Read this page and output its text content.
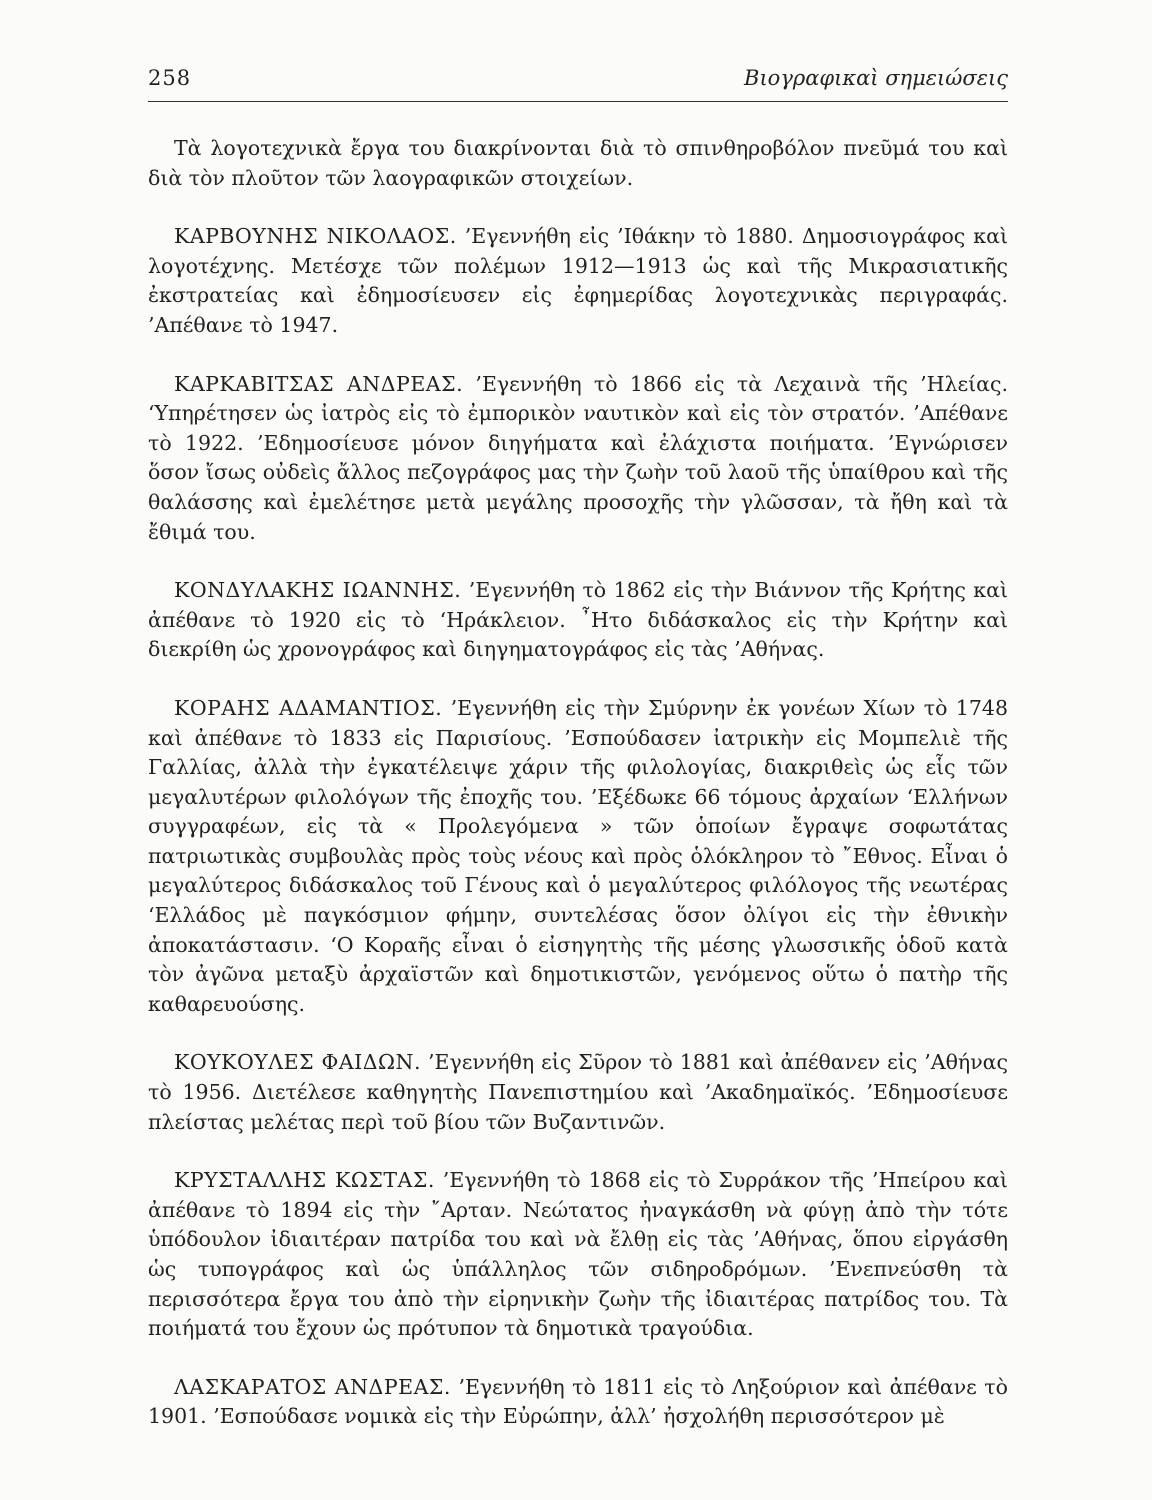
258	Βιογραφικαὶ σημειώσεις

Τὰ λογοτεχνικὰ ἔργα του διακρίνονται διὰ τὸ σπινθηροβόλον πνεῦμά του καὶ διὰ τὸν πλοῦτον τῶν λαογραφικῶν στοιχείων.

ΚΑΡΒΟΥΝΗΣ ΝΙΚΟΛΑΟΣ. ’Εγεννήθη εἰς ’Ιθάκην τὸ 1880. Δημοσιογράφος καὶ λογοτέχνης. Μετέσχε τῶν πολέμων 1912—1913 ὡς καὶ τῆς Μικρασιατικῆς ἐκστρατείας καὶ ἐδημοσίευσεν εἰς ἐφημερίδας λογοτεχνικὰς περιγραφάς. ’Απέθανε τὸ 1947.

ΚΑΡΚΑΒΙΤΣΑΣ ΑΝΔΡΕΑΣ. ’Εγεννήθη τὸ 1866 εἰς τὰ Λεχαινὰ τῆς ’Ηλείας. ‘Υπηρέτησεν ὡς ἰατρὸς εἰς τὸ ἐμπορικὸν ναυτικὸν καὶ εἰς τὸν στρατόν. ’Απέθανε τὸ 1922. ’Εδημοσίευσε μόνον διηγήματα καὶ ἐλάχιστα ποιήματα. ’Εγνώρισεν ὅσον ἴσως οὐδεὶς ἄλλος πεζογράφος μας τὴν ζωὴν τοῦ λαοῦ τῆς ὑπαίθρου καὶ τῆς θαλάσσης καὶ ἐμελέτησε μετὰ μεγάλης προσοχῆς τὴν γλῶσσαν, τὰ ἤθη καὶ τὰ ἔθιμά του.

ΚΟΝΔΥΛΑΚΗΣ ΙΩΑΝΝΗΣ. ’Εγεννήθη τὸ 1862 εἰς τὴν Βιάννον τῆς Κρήτης καὶ ἀπέθανε τὸ 1920 εἰς τὸ ‘Ηράκλειον. ῏Ητο διδάσκαλος εἰς τὴν Κρήτην καὶ διεκρίθη ὡς χρονογράφος καὶ διηγηματογράφος εἰς τὰς ’Αθήνας.

ΚΟΡΑΗΣ ΑΔΑΜΑΝΤΙΟΣ. ’Εγεννήθη εἰς τὴν Σμύρνην ἐκ γονέων Χίων τὸ 1748 καὶ ἀπέθανε τὸ 1833 εἰς Παρισίους. ’Εσπούδασεν ἰατρικὴν εἰς Μομπελιὲ τῆς Γαλλίας, ἀλλὰ τὴν ἐγκατέλειψε χάριν τῆς φιλολογίας, διακριθεὶς ὡς εἷς τῶν μεγαλυτέρων φιλολόγων τῆς ἐποχῆς του. ’Εξέδωκε 66 τόμους ἀρχαίων ‘Ελλήνων συγγραφέων, εἰς τὰ « Προλεγόμενα » τῶν ὁποίων ἔγραψε σοφωτάτας πατριωτικὰς συμβουλὰς πρὸς τοὺς νέους καὶ πρὸς ὁλόκληρον τὸ ῎Εθνος. Εἶναι ὁ μεγαλύτερος διδάσκαλος τοῦ Γένους καὶ ὁ μεγαλύτερος φιλόλογος τῆς νεωτέρας ‘Ελλάδος μὲ παγκόσμιον φήμην, συντελέσας ὅσον ὀλίγοι εἰς τὴν ἐθνικὴν ἀποκατάστασιν. ‘Ο Κοραῆς εἶναι ὁ εἰσηγητὴς τῆς μέσης γλωσσικῆς ὁδοῦ κατὰ τὸν ἀγῶνα μεταξὺ ἀρχαϊστῶν καὶ δημοτικιστῶν, γενόμενος οὕτω ὁ πατὴρ τῆς καθαρευούσης.

ΚΟΥΚΟΥΛΕΣ ΦΑΙΔΩΝ. ’Εγεννήθη εἰς Σῦρον τὸ 1881 καὶ ἀπέθανεν εἰς ’Αθήνας τὸ 1956. Διετέλεσε καθηγητὴς Πανεπιστημίου καὶ ’Ακαδημαϊκός. ’Εδημοσίευσε πλείστας μελέτας περὶ τοῦ βίου τῶν Βυζαντινῶν.

ΚΡΥΣΤΑΛΛΗΣ ΚΩΣΤΑΣ. ’Εγεννήθη τὸ 1868 εἰς τὸ Συρράκον τῆς ’Ηπείρου καὶ ἀπέθανε τὸ 1894 εἰς τὴν ῎Αρταν. Νεώτατος ἠναγκάσθη νὰ φύγῃ ἀπὸ τὴν τότε ὑπόδουλον ἰδιαιτέραν πατρίδα του καὶ νὰ ἔλθῃ εἰς τὰς ’Αθήνας, ὅπου εἰργάσθη ὡς τυπογράφος καὶ ὡς ὑπάλληλος τῶν σιδηροδρόμων. ’Ενεπνεύσθη τὰ περισσότερα ἔργα του ἀπὸ τὴν εἰρηνικὴν ζωὴν τῆς ἰδιαιτέρας πατρίδος του. Τὰ ποιήματά του ἔχουν ὡς πρότυπον τὰ δημοτικὰ τραγούδια.

ΛΑΣΚΑΡΑΤΟΣ ΑΝΔΡΕΑΣ. ’Εγεννήθη τὸ 1811 εἰς τὸ Ληξούριον καὶ ἀπέθανε τὸ 1901. ’Εσπούδασε νομικὰ εἰς τὴν Εὐρώπην, ἀλλ’ ἠσχολήθη περισσότερον μὲ
